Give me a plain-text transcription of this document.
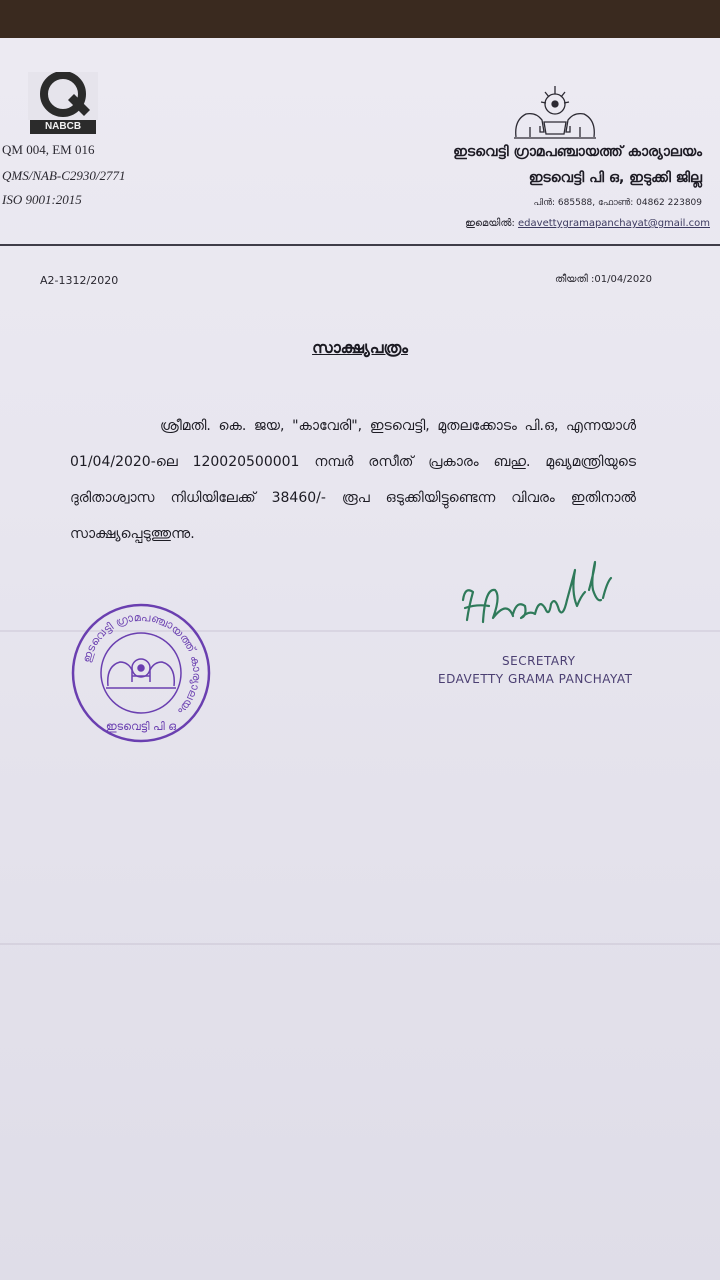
NABCB
QM 004, EM 016
QMS/NAB-C2930/2771
ISO 9001:2015
ഇടവെട്ടി ഗ്രാമപഞ്ചായത്ത് കാര്യാലയം
ഇടവെട്ടി പി ഒ, ഇടുക്കി ജില്ല
പിൻ: 685588, ഫോൺ: 04862 223809
ഇമെയിൽ: edavettygramapanchayat@gmail.com
A2-1312/2020	തീയതി :01/04/2020
സാക്ഷ്യപത്രം
ശ്രീമതി. കെ. ജയ, "കാവേരി", ഇടവെട്ടി, മുതലക്കോടം പി.ഒ, എന്നയാൾ 01/04/2020-ലെ 120020500001 നമ്പർ രസീത് പ്രകാരം ബഹു. മുഖ്യമന്ത്രിയുടെ ദുരിതാശ്വാസ നിധിയിലേക്ക് 38460/- രൂപ ഒടുക്കിയിട്ടുണ്ടെന്ന വിവരം ഇതിനാൽ സാക്ഷ്യപ്പെടുത്തുന്നു.
ഇടവെട്ടി ഗ്രാമപഞ്ചായത്ത് കാര്യാലയം
ഇടവെട്ടി പി ഒ
SECRETARY
EDAVETTY GRAMA PANCHAYAT
